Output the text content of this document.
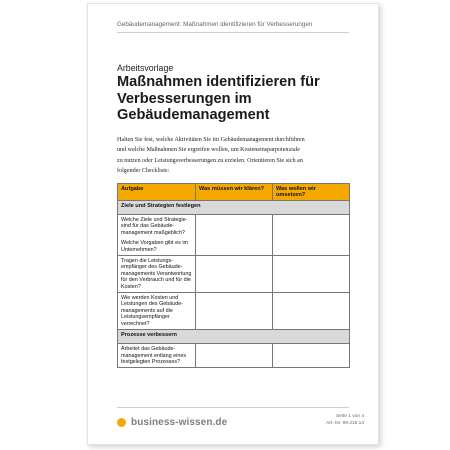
Gebäudemanagement: Maßnahmen identifizieren für Verbesserungen
Arbeitsvorlage
Maßnahmen identifizieren für
Verbesserungen im
Gebäudemanagement

Halten Sie fest, welche Aktivitäten Sie im Gebäudemanagement durchführen

und welche Maßnahmen Sie ergreifen wollen, um Kosteneinsparpotenziale

zu nutzen oder Leistungsverbesserungen zu erzielen. Orientieren Sie sich an

folgender Checkliste:

Aufgabe	Was müssen wir klären?	Was wollen wir umsetzen?
Ziele und Strategien festlegen		

Welche Ziele und Strategie-sind für das Gebäude-management maßgeblich?
Welche Vorgaben gibt es im Unternehmen?		

Tragen die Leistungs-empfänger des Gebäude-managements Verantwortung für den Verbrauch und für die Kosten?		

Wie werden Kosten und Leistungen des Gebäude-managements auf die Leistungsempfänger verrechnet?		

Prozesse verbessern		

Arbeitet das Gebäude-management entlang eines festgelegten Prozesses?		

business-wissen.de
Seite 1 von 4
Art.-Nr. 99.216.14
